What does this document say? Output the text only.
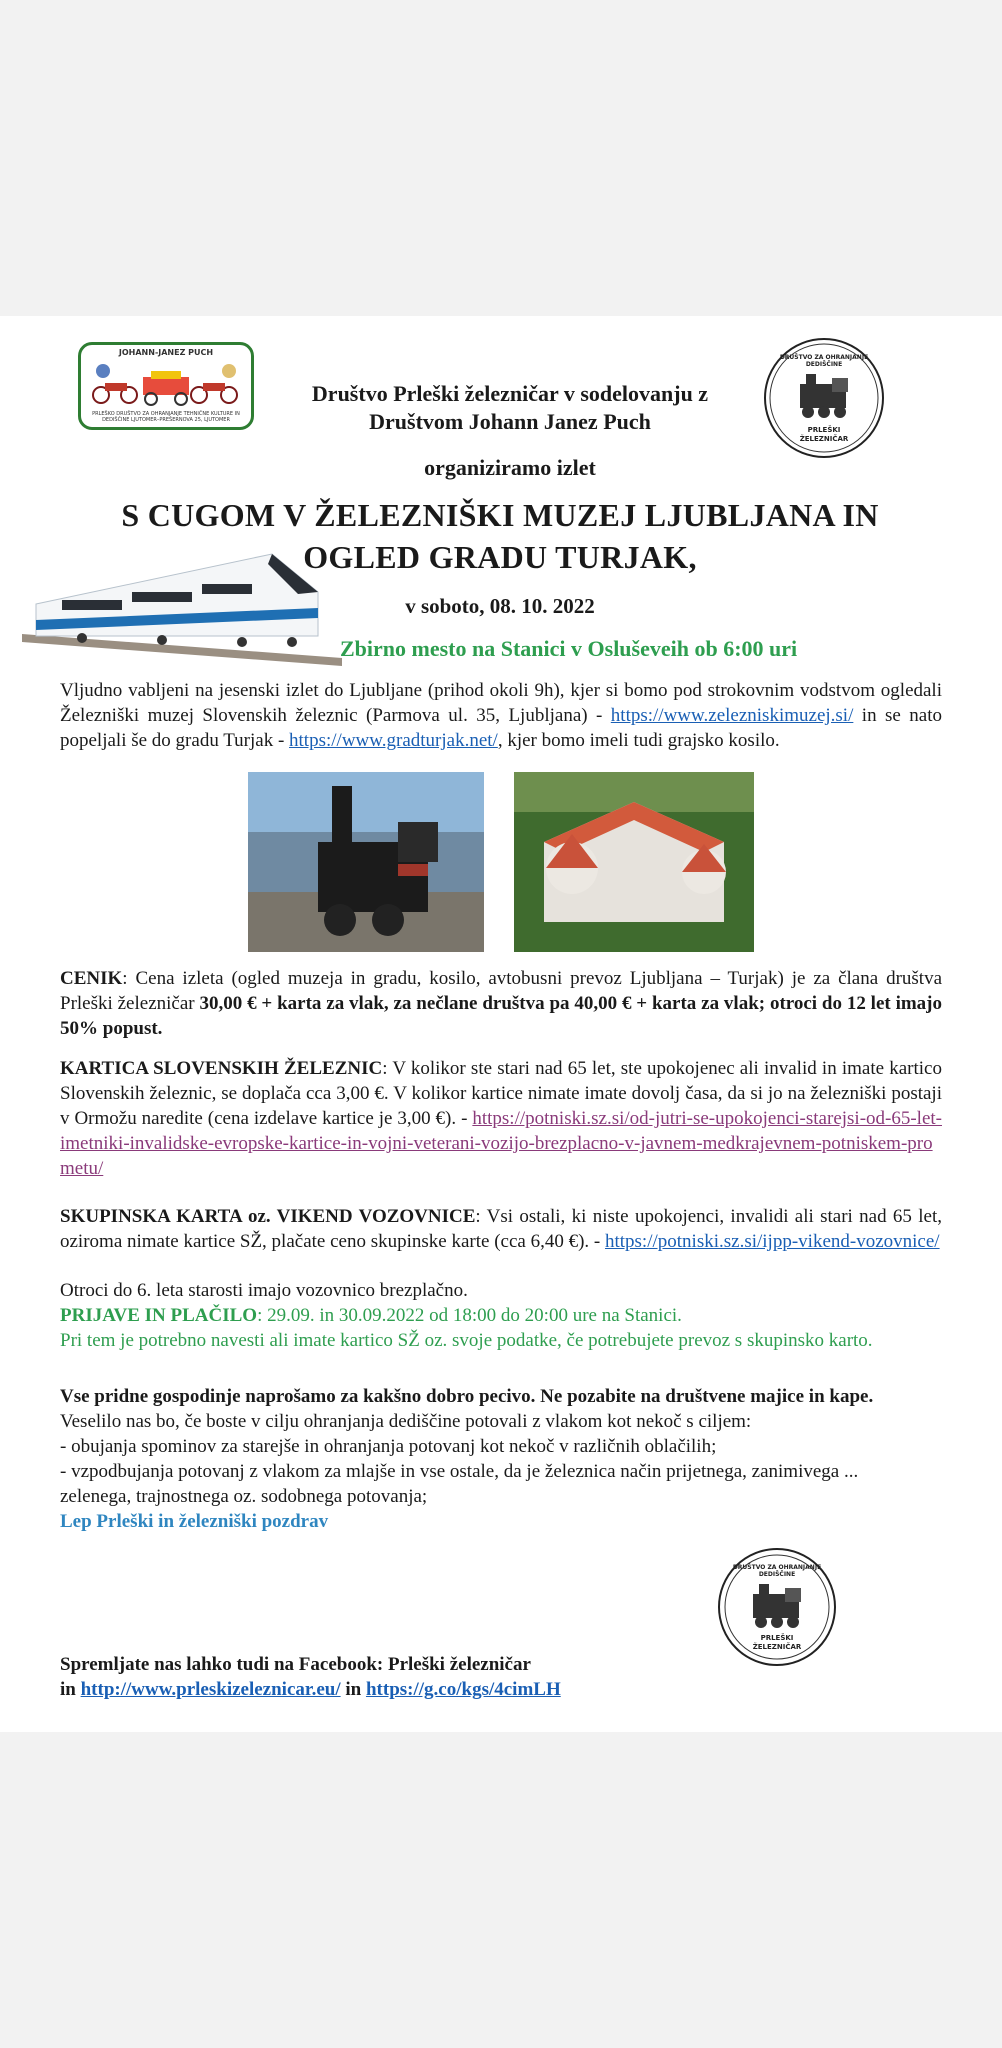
JOHANN-JANEZ PUCH
PRLEŠKO DRUŠTVO ZA OHRANJANJE TEHNIČNE KULTURE IN DEDIŠČINE LJUTOMER–PREŠERNOVA 25, LJUTOMER
DRUŠTVO ZA OHRANJANJE DEDIŠČINE
PRLEŠKI ŽELEZNIČAR
Društvo Prleški železničar v sodelovanju z
Društvom Johann Janez Puch
organiziramo izlet
S CUGOM V ŽELEZNIŠKI MUZEJ LJUBLJANA IN
OGLED GRADU TURJAK,
v soboto, 08. 10. 2022
Zbirno mesto na Stanici v Osluševeih ob 6:00 uri
Vljudno vabljeni na jesenski izlet do Ljubljane (prihod okoli 9h), kjer si bomo pod strokovnim vodstvom ogledali Železniški muzej Slovenskih železnic (Parmova ul. 35, Ljubljana) - https://www.zelezniskimuzej.si/ in se nato popeljali še do gradu Turjak - https://www.gradturjak.net/, kjer bomo imeli tudi grajsko kosilo.
CENIK: Cena izleta (ogled muzeja in gradu, kosilo, avtobusni prevoz Ljubljana – Turjak) je za člana društva Prleški železničar 30,00 € + karta za vlak, za nečlane društva pa 40,00 € + karta za vlak; otroci do 12 let imajo 50% popust.
KARTICA SLOVENSKIH ŽELEZNIC: V kolikor ste stari nad 65 let, ste upokojenec ali invalid in imate kartico Slovenskih železnic, se doplača cca 3,00 €. V kolikor kartice nimate imate dovolj časa, da si jo na železniški postaji v Ormožu naredite (cena izdelave kartice je 3,00 €). - https://potniski.sz.si/od-jutri-se-upokojenci-starejsi-od-65-let-imetniki-invalidske-evropske-kartice-in-vojni-veterani-vozijo-brezplacno-v-javnem-medkrajevnem-potniskem-prometu/
SKUPINSKA KARTA oz. VIKEND VOZOVNICE: Vsi ostali, ki niste upokojenci, invalidi ali stari nad 65 let, oziroma nimate kartice SŽ, plačate ceno skupinske karte (cca 6,40 €). - https://potniski.sz.si/ijpp-vikend-vozovnice/
Otroci do 6. leta starosti imajo vozovnico brezplačno.
PRIJAVE IN PLAČILO: 29.09. in 30.09.2022 od 18:00 do 20:00 ure na Stanici.
Pri tem je potrebno navesti ali imate kartico SŽ oz. svoje podatke, če potrebujete prevoz s skupinsko karto.
Vse pridne gospodinje naprošamo za kakšno dobro pecivo. Ne pozabite na društvene majice in kape.
Veselilo nas bo, če boste v cilju ohranjanja dediščine potovali z vlakom kot nekoč s ciljem:
- obujanja spominov za starejše in ohranjanja potovanj kot nekoč v različnih oblačilih;
- vzpodbujanja potovanj z vlakom za mlajše in vse ostale, da je železnica način prijetnega, zanimivega ...
zelenega, trajnostnega oz. sodobnega potovanja;
Lep Prleški in železniški pozdrav
DRUŠTVO ZA OHRANJANJE DEDIŠČINE
PRLEŠKI ŽELEZNIČAR
Spremljate nas lahko tudi na Facebook: Prleški železničar
in http://www.prleskizeleznicar.eu/ in https://g.co/kgs/4cimLH
